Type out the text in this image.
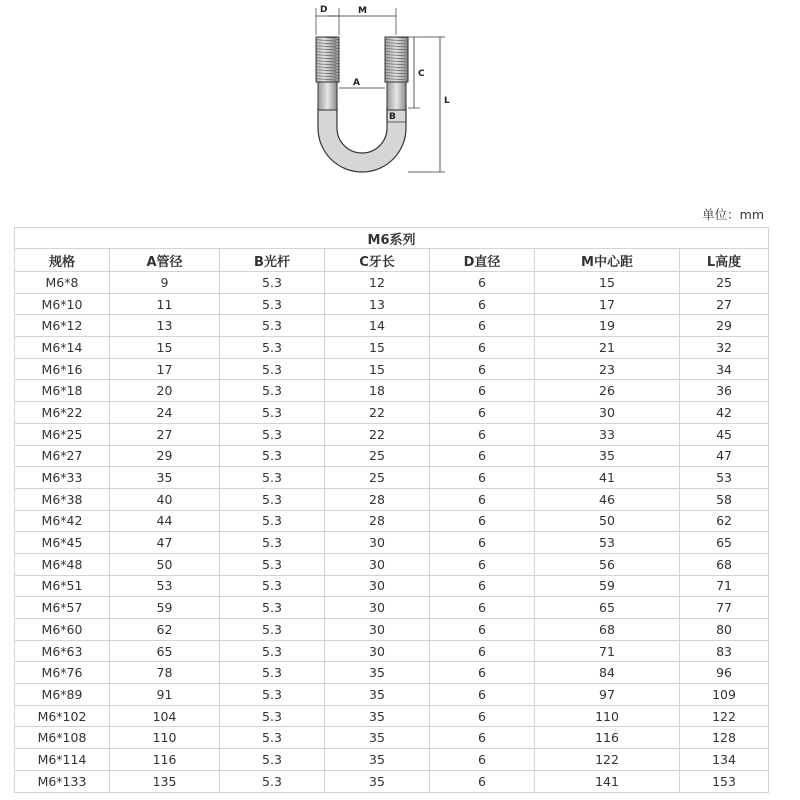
D	M
A
B
C
L
单位：mm
M6系列						
规格	A管径	B光杆	C牙长	D直径	M中心距	L高度
M6*8	9	5.3	12	6	15	25
M6*10	11	5.3	13	6	17	27
M6*12	13	5.3	14	6	19	29
M6*14	15	5.3	15	6	21	32
M6*16	17	5.3	15	6	23	34
M6*18	20	5.3	18	6	26	36
M6*22	24	5.3	22	6	30	42
M6*25	27	5.3	22	6	33	45
M6*27	29	5.3	25	6	35	47
M6*33	35	5.3	25	6	41	53
M6*38	40	5.3	28	6	46	58
M6*42	44	5.3	28	6	50	62
M6*45	47	5.3	30	6	53	65
M6*48	50	5.3	30	6	56	68
M6*51	53	5.3	30	6	59	71
M6*57	59	5.3	30	6	65	77
M6*60	62	5.3	30	6	68	80
M6*63	65	5.3	30	6	71	83
M6*76	78	5.3	35	6	84	96
M6*89	91	5.3	35	6	97	109
M6*102	104	5.3	35	6	110	122
M6*108	110	5.3	35	6	116	128
M6*114	116	5.3	35	6	122	134
M6*133	135	5.3	35	6	141	153
